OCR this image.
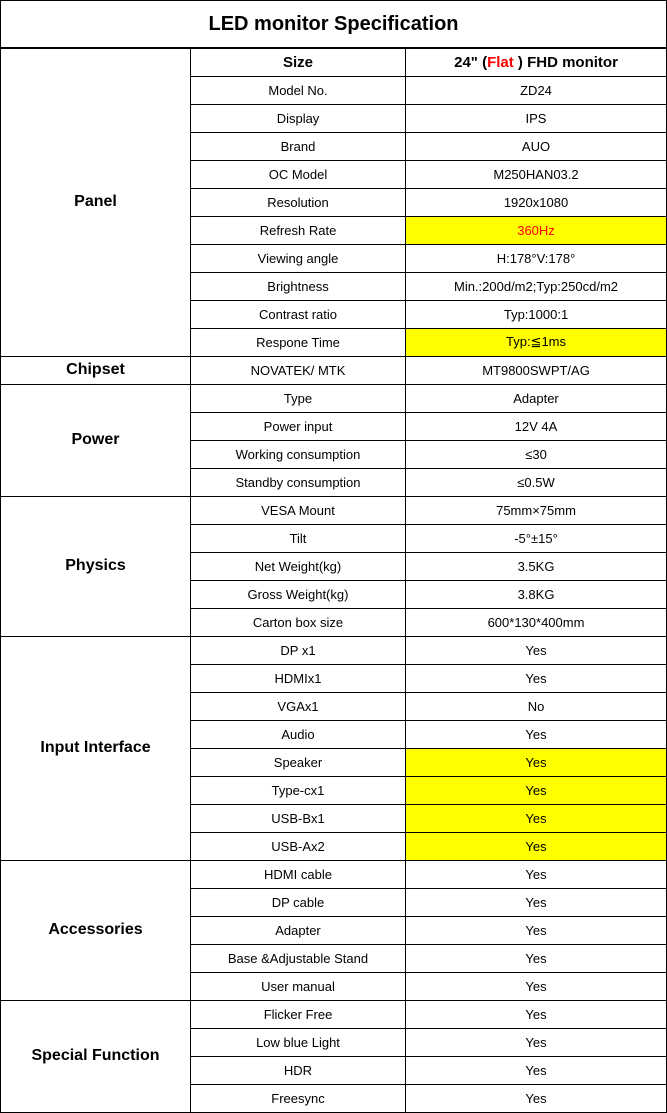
LED monitor Specification		
Panel	Size	24" (Flat ) FHD monitor
	Model No.	ZD24
	Display	IPS
	Brand	AUO
	OC Model	M250HAN03.2
	Resolution	1920x1080
	Refresh Rate	360Hz
	Viewing angle	H:178°V:178°
	Brightness	Min.:200d/m2;Typ:250cd/m2
	Contrast ratio	Typ:1000:1
	Respone Time	Typ:≦1ms
Chipset	NOVATEK/ MTK	MT9800SWPT/AG
Power	Type	Adapter
	Power input	12V 4A
	Working consumption	≤30
	Standby consumption	≤0.5W
Physics	VESA Mount	75mm×75mm
	Tilt	-5°±15°
	Net Weight(kg)	3.5KG
	Gross Weight(kg)	3.8KG
	Carton box size	600*130*400mm
Input Interface	DP x1	Yes
	HDMIx1	Yes
	VGAx1	No
	Audio	Yes
	Speaker	Yes
	Type-cx1	Yes
	USB-Bx1	Yes
	USB-Ax2	Yes
Accessories	HDMI cable	Yes
	DP cable	Yes
	Adapter	Yes
	Base &Adjustable Stand	Yes
	User manual	Yes
Special Function	Flicker Free	Yes
	Low blue Light	Yes
	HDR	Yes
	Freesync	Yes
